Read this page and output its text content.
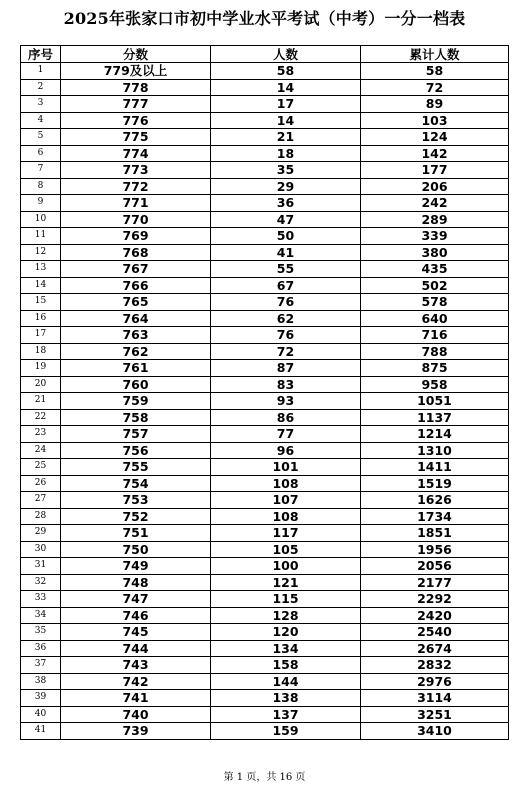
2025年张家口市初中学业水平考试（中考）一分一档表
序号	分数	人数	累计人数
1	779及以上	58	58
2	778	14	72
3	777	17	89
4	776	14	103
5	775	21	124
6	774	18	142
7	773	35	177
8	772	29	206
9	771	36	242
10	770	47	289
11	769	50	339
12	768	41	380
13	767	55	435
14	766	67	502
15	765	76	578
16	764	62	640
17	763	76	716
18	762	72	788
19	761	87	875
20	760	83	958
21	759	93	1051
22	758	86	1137
23	757	77	1214
24	756	96	1310
25	755	101	1411
26	754	108	1519
27	753	107	1626
28	752	108	1734
29	751	117	1851
30	750	105	1956
31	749	100	2056
32	748	121	2177
33	747	115	2292
34	746	128	2420
35	745	120	2540
36	744	134	2674
37	743	158	2832
38	742	144	2976
39	741	138	3114
40	740	137	3251
41	739	159	3410
第 1 页，共 16 页
